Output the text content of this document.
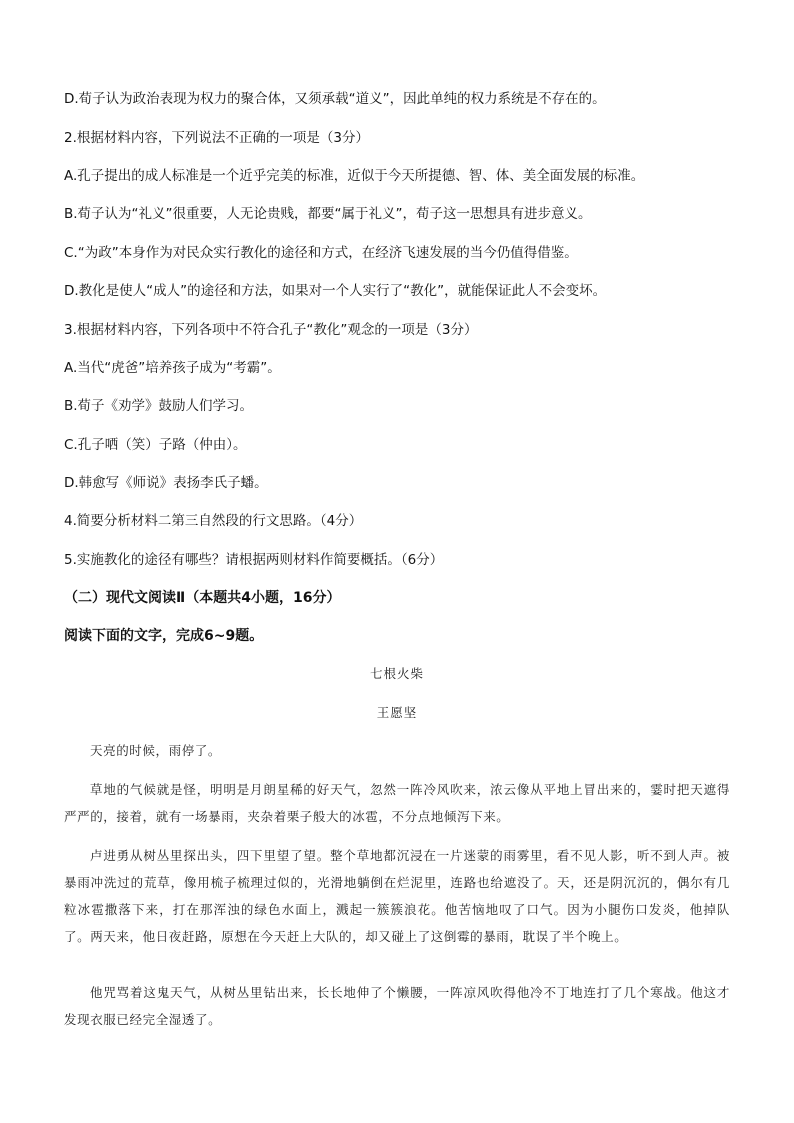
D.荀子认为政治表现为权力的聚合体，又须承载“道义”，因此单纯的权力系统是不存在的。
2.根据材料内容，下列说法不正确的一项是（3分）
A.孔子提出的成人标准是一个近乎完美的标准，近似于今天所提德、智、体、美全面发展的标准。
B.荀子认为“礼义”很重要，人无论贵贱，都要“属于礼义”，荀子这一思想具有进步意义。
C.“为政”本身作为对民众实行教化的途径和方式，在经济飞速发展的当今仍值得借鉴。
D.教化是使人“成人”的途径和方法，如果对一个人实行了“教化”，就能保证此人不会变坏。
3.根据材料内容，下列各项中不符合孔子“教化”观念的一项是（3分）
A.当代“虎爸”培养孩子成为“考霸”。
B.荀子《劝学》鼓励人们学习。
C.孔子哂（笑）子路（仲由）。
D.韩愈写《师说》表扬李氏子蟠。
4.简要分析材料二第三自然段的行文思路。（4分）
5.实施教化的途径有哪些？请根据两则材料作简要概括。（6分）
（二）现代文阅读Ⅱ（本题共4小题，16分）
阅读下面的文字，完成6~9题。
七根火柴
王愿坚
天亮的时候，雨停了。
草地的气候就是怪，明明是月朗星稀的好天气，忽然一阵冷风吹来，浓云像从平地上冒出来的，霎时把天遮得严严的，接着，就有一场暴雨，夹杂着栗子般大的冰雹，不分点地倾泻下来。
卢进勇从树丛里探出头，四下里望了望。整个草地都沉浸在一片迷蒙的雨雾里，看不见人影，听不到人声。被暴雨冲洗过的荒草，像用梳子梳理过似的，光滑地躺倒在烂泥里，连路也给遮没了。天，还是阴沉沉的，偶尔有几粒冰雹撒落下来，打在那浑浊的绿色水面上，溅起一簇簇浪花。他苦恼地叹了口气。因为小腿伤口发炎，他掉队了。两天来，他日夜赶路，原想在今天赶上大队的，却又碰上了这倒霉的暴雨，耽误了半个晚上。
他咒骂着这鬼天气，从树丛里钻出来，长长地伸了个懒腰，一阵凉风吹得他冷不丁地连打了几个寒战。他这才发现衣服已经完全湿透了。
